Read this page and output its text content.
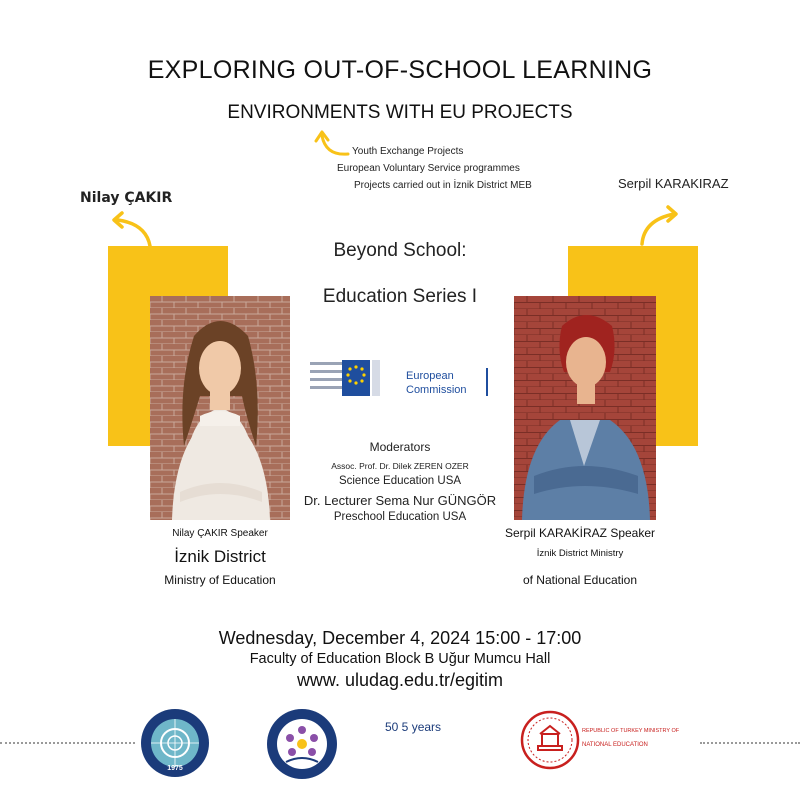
EXPLORING OUT-OF-SCHOOL LEARNING
ENVIRONMENTS WITH EU PROJECTS
Youth Exchange Projects
European Voluntary Service programmes
Projects carried out in İznik District MEB
Nilay ÇAKIR
Serpil KARAKIRAZ
Beyond School:
Education Series I
European
Commission
Moderators
Assoc. Prof. Dr. Dilek ZEREN OZER
Science Education USA
Dr. Lecturer Sema Nur GÜNGÖR
Preschool Education USA
Nilay ÇAKIR Speaker
İznik District
Ministry of Education
Serpil KARAKİRAZ Speaker
İznik District Ministry
of National Education
Wednesday, December 4, 2024 15:00 - 17:00
Faculty of Education Block B Uğur Mumcu Hall
www. uludag.edu.tr/egitim
1975
50 5 years	REPUBLIC OF TURKEY MINISTRY OF
NATIONAL EDUCATION
